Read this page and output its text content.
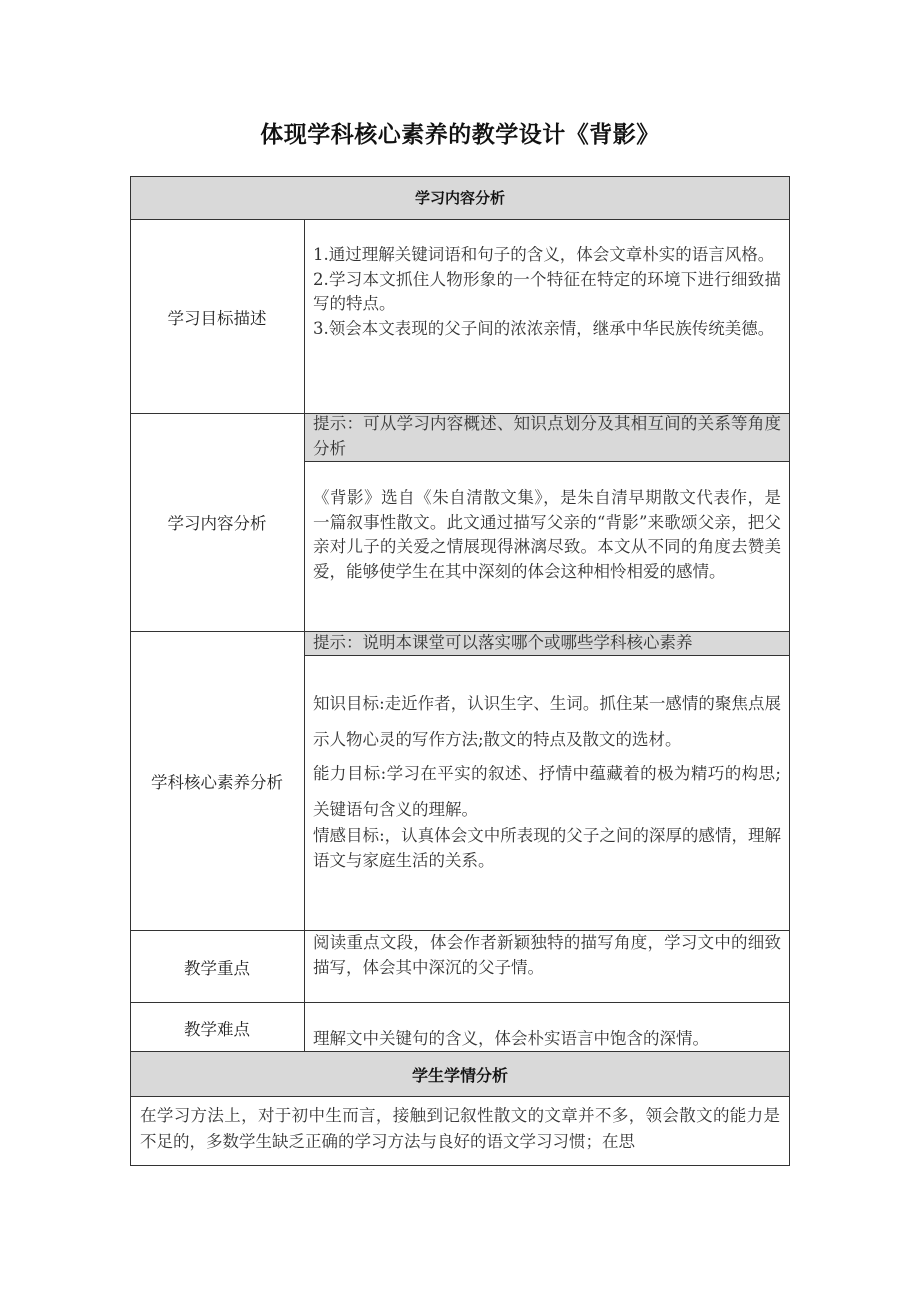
体现学科核心素养的教学设计《背影》
学习内容分析
学习目标描述

1.通过理解关键词语和句子的含义，体会文章朴实的语言风格。

2.学习本文抓住人物形象的一个特征在特定的环境下进行细致描写的特点。

3.领会本文表现的父子间的浓浓亲情，继承中华民族传统美德。

学习内容分析

提示：可从学习内容概述、知识点划分及其相互间的关系等角度分析

《背影》选自《朱自清散文集》，是朱自清早期散文代表作，是一篇叙事性散文。此文通过描写父亲的“背影”来歌颂父亲，把父亲对儿子的关爱之情展现得淋漓尽致。本文从不同的角度去赞美爱，能够使学生在其中深刻的体会这种相怜相爱的感情。

学科核心素养分析

提示：说明本课堂可以落实哪个或哪些学科核心素养

知识目标:走近作者，认识生字、生词。抓住某一感情的聚焦点展示人物心灵的写作方法;散文的特点及散文的选材。

能力目标:学习在平实的叙述、抒情中蕴藏着的极为精巧的构思;关键语句含义的理解。

情感目标:，认真体会文中所表现的父子之间的深厚的感情，理解语文与家庭生活的关系。

教学重点

阅读重点文段，体会作者新颖独特的描写角度，学习文中的细致描写，体会其中深沉的父子情。

教学难点	理解文中关键句的含义，体会朴实语言中饱含的深情。

学生学情分析

在学习方法上，对于初中生而言，接触到记叙性散文的文章并不多，领会散文的能力是不足的，多数学生缺乏正确的学习方法与良好的语文学习习惯；在思
